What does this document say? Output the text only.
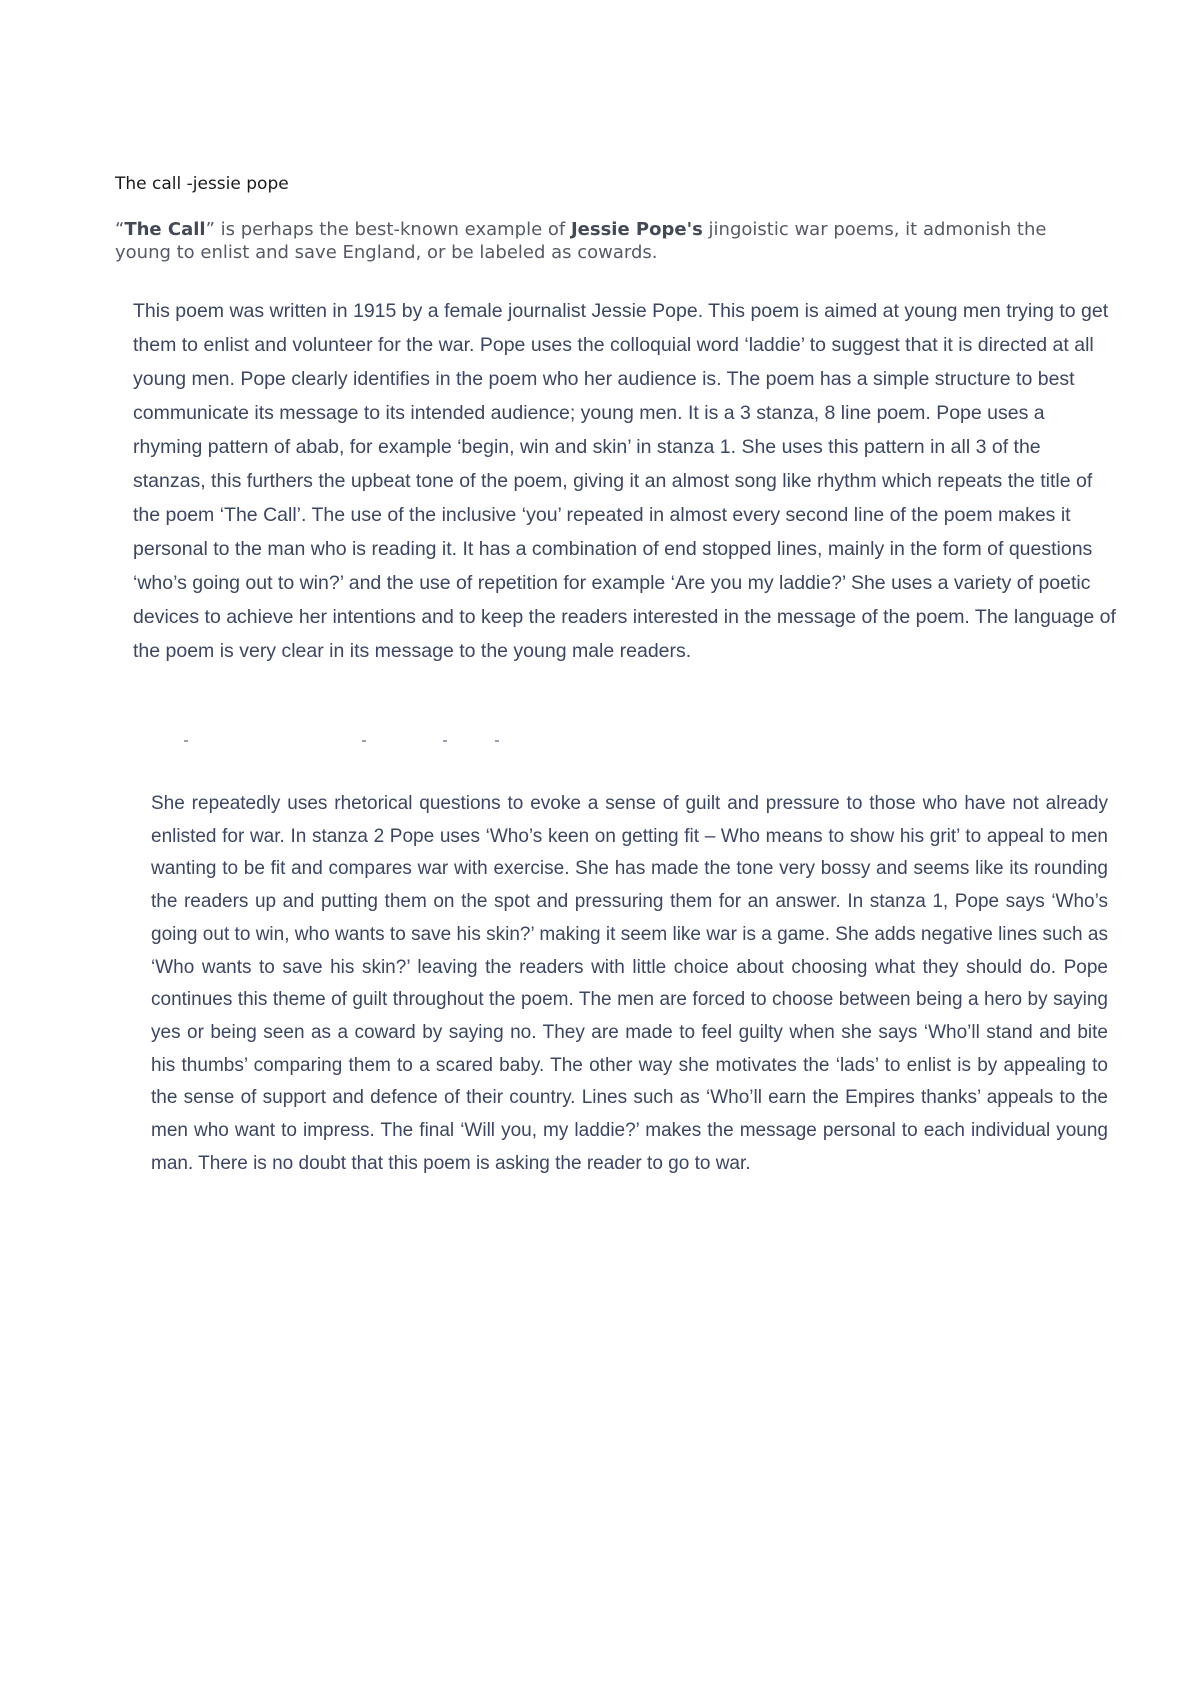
The call -jessie pope

“The Call” is perhaps the best-known example of Jessie Pope's jingoistic war poems, it admonish the young to enlist and save England, or be labeled as cowards.

This poem was written in 1915 by a female journalist Jessie Pope. This poem is aimed at young men trying to get them to enlist and volunteer for the war. Pope uses the colloquial word ‘laddie’ to suggest that it is directed at all young men. Pope clearly identifies in the poem who her audience is. The poem has a simple structure to best communicate its message to its intended audience; young men. It is a 3 stanza, 8 line poem. Pope uses a rhyming pattern of abab, for example ‘begin, win and skin’ in stanza 1. She uses this pattern in all 3 of the stanzas, this furthers the upbeat tone of the poem, giving it an almost song like rhythm which repeats the title of the poem ‘The Call’. The use of the inclusive ‘you’ repeated in almost every second line of the poem makes it personal to the man who is reading it. It has a combination of end stopped lines, mainly in the form of questions ‘who’s going out to win?’ and the use of repetition for example ‘Are you my laddie?’ She uses a variety of poetic devices to achieve her intentions and to keep the readers interested in the message of the poem. The language of the poem is very clear in its message to the young male readers.

She repeatedly uses rhetorical questions to evoke a sense of guilt and pressure to those who have not already enlisted for war. In stanza 2 Pope uses ‘Who’s keen on getting fit – Who means to show his grit’ to appeal to men wanting to be fit and compares war with exercise. She has made the tone very bossy and seems like its rounding the readers up and putting them on the spot and pressuring them for an answer. In stanza 1, Pope says ‘Who’s going out to win, who wants to save his skin?’ making it seem like war is a game. She adds negative lines such as ‘Who wants to save his skin?’ leaving the readers with little choice about choosing what they should do. Pope continues this theme of guilt throughout the poem. The men are forced to choose between being a hero by saying yes or being seen as a coward by saying no. They are made to feel guilty when she says ‘Who’ll stand and bite his thumbs’ comparing them to a scared baby. The other way she motivates the ‘lads’ to enlist is by appealing to the sense of support and defence of their country. Lines such as ‘Who’ll earn the Empires thanks’ appeals to the men who want to impress. The final ‘Will you, my laddie?’ makes the message personal to each individual young man. There is no doubt that this poem is asking the reader to go to war.
